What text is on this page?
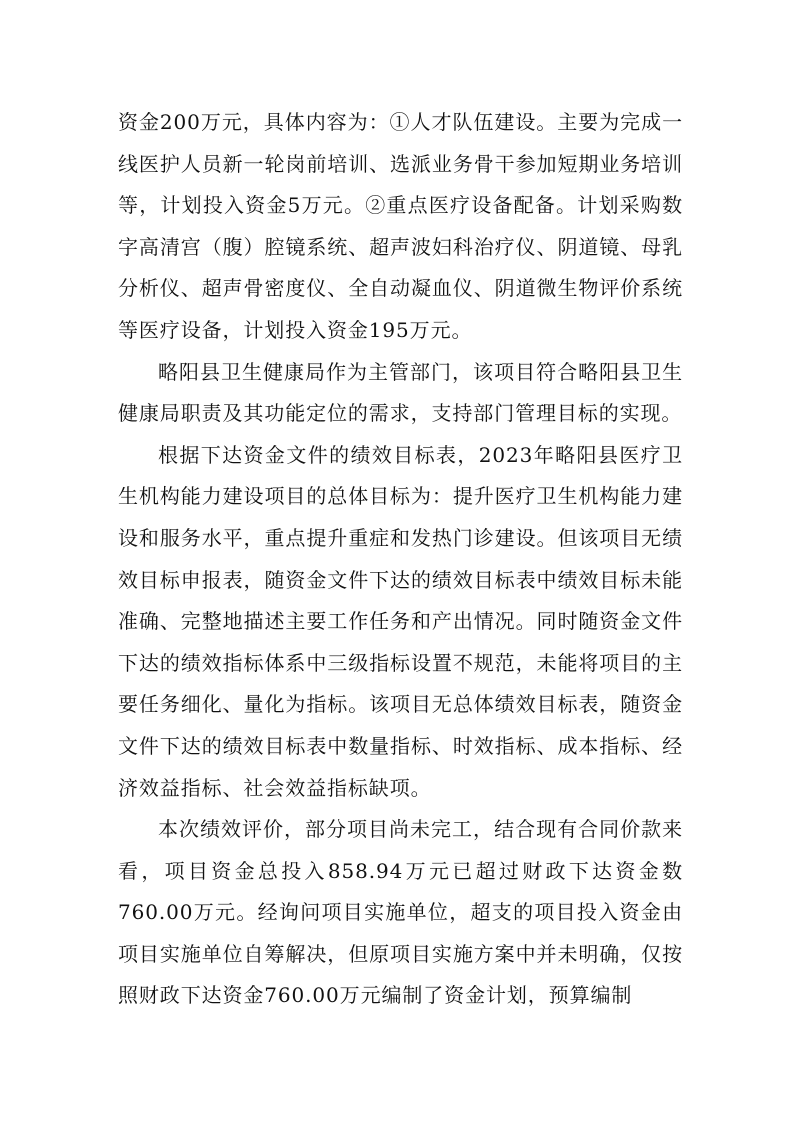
资金200万元，具体内容为：①人才队伍建设。主要为完成一线医护人员新一轮岗前培训、选派业务骨干参加短期业务培训等，计划投入资金5万元。②重点医疗设备配备。计划采购数字高清宫（腹）腔镜系统、超声波妇科治疗仪、阴道镜、母乳分析仪、超声骨密度仪、全自动凝血仪、阴道微生物评价系统等医疗设备，计划投入资金195万元。

略阳县卫生健康局作为主管部门，该项目符合略阳县卫生健康局职责及其功能定位的需求，支持部门管理目标的实现。

根据下达资金文件的绩效目标表，2023年略阳县医疗卫生机构能力建设项目的总体目标为：提升医疗卫生机构能力建设和服务水平，重点提升重症和发热门诊建设。但该项目无绩效目标申报表，随资金文件下达的绩效目标表中绩效目标未能准确、完整地描述主要工作任务和产出情况。同时随资金文件下达的绩效指标体系中三级指标设置不规范，未能将项目的主要任务细化、量化为指标。该项目无总体绩效目标表，随资金文件下达的绩效目标表中数量指标、时效指标、成本指标、经济效益指标、社会效益指标缺项。

本次绩效评价，部分项目尚未完工，结合现有合同价款来看，项目资金总投入858.94万元已超过财政下达资金数760.00万元。经询问项目实施单位，超支的项目投入资金由项目实施单位自筹解决，但原项目实施方案中并未明确，仅按照财政下达资金760.00万元编制了资金计划，预算编制
